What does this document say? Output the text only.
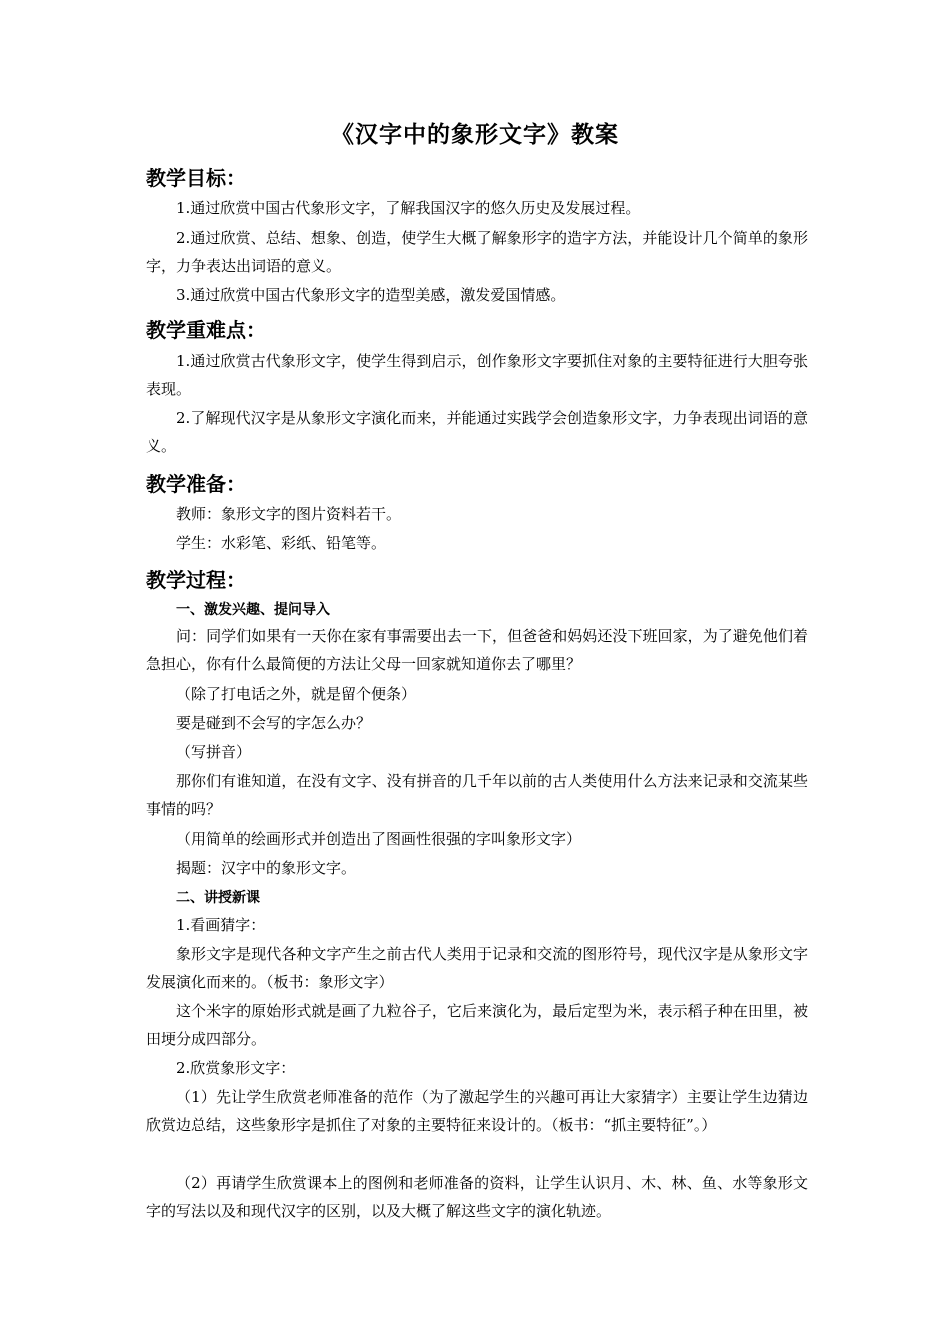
《汉字中的象形文字》教案
教学目标：
1.通过欣赏中国古代象形文字，了解我国汉字的悠久历史及发展过程。
2.通过欣赏、总结、想象、创造，使学生大概了解象形字的造字方法，并能设计几个简单的象形字，力争表达出词语的意义。
3.通过欣赏中国古代象形文字的造型美感，激发爱国情感。
教学重难点：
1.通过欣赏古代象形文字，使学生得到启示，创作象形文字要抓住对象的主要特征进行大胆夸张表现。
2.了解现代汉字是从象形文字演化而来，并能通过实践学会创造象形文字，力争表现出词语的意义。
教学准备：
教师：象形文字的图片资料若干。
学生：水彩笔、彩纸、铅笔等。
教学过程：
一、激发兴趣、提问导入
问：同学们如果有一天你在家有事需要出去一下，但爸爸和妈妈还没下班回家，为了避免他们着急担心，你有什么最简便的方法让父母一回家就知道你去了哪里？
（除了打电话之外，就是留个便条）
要是碰到不会写的字怎么办？
（写拼音）
那你们有谁知道，在没有文字、没有拼音的几千年以前的古人类使用什么方法来记录和交流某些事情的吗？
（用简单的绘画形式并创造出了图画性很强的字叫象形文字）
揭题：汉字中的象形文字。
二、讲授新课
1.看画猜字：
象形文字是现代各种文字产生之前古代人类用于记录和交流的图形符号，现代汉字是从象形文字发展演化而来的。（板书：象形文字）
这个米字的原始形式就是画了九粒谷子，它后来演化为，最后定型为米，表示稻子种在田里，被田埂分成四部分。
2.欣赏象形文字：
（1）先让学生欣赏老师准备的范作（为了激起学生的兴趣可再让大家猜字）主要让学生边猜边欣赏边总结，这些象形字是抓住了对象的主要特征来设计的。（板书：“抓主要特征”。）
（2）再请学生欣赏课本上的图例和老师准备的资料，让学生认识月、木、林、鱼、水等象形文字的写法以及和现代汉字的区别，以及大概了解这些文字的演化轨迹。
